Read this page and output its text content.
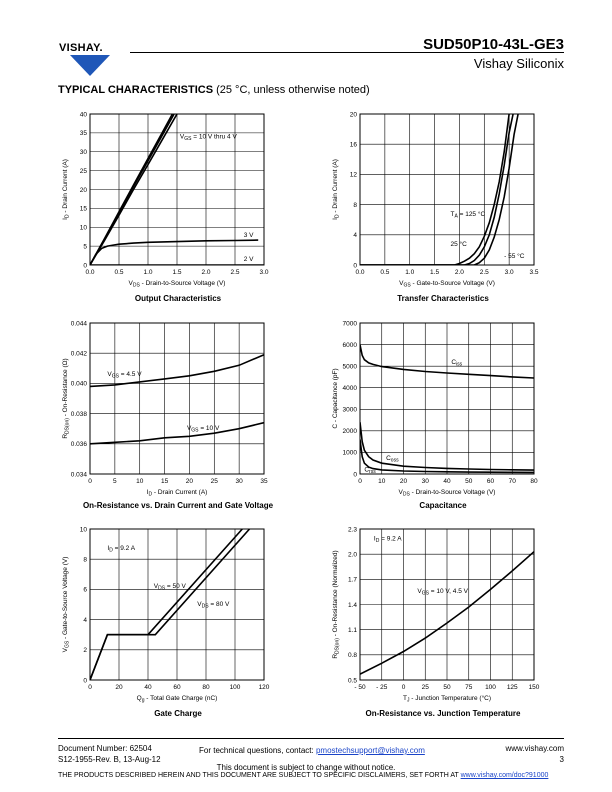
VISHAY.	SUD50P10-43L-GE3
Vishay Siliconix
TYPICAL CHARACTERISTICS (25 °C, unless otherwise noted)
0.0	0.5	1.0	1.5	2.0	2.5	3.0
0
5
10
15
20
25
30
35
40
$V_{GS} = 10$ V thru 4 V
3 V
2 V
$V_{DS}$ - Drain-to-Source Voltage (V)
$I_D$ - Drain Current (A)
Output Characteristics
0.0 0.5 1.0 1.5 2.0 2.5 3.0 3.5
0
4
8
12
16
20
$T_A = 125$ °C
25 °C
- 55 °C
$V_{GS}$ - Gate-to-Source Voltage (V)
$I_D$ - Drain Current (A)
Transfer Characteristics
0	5	10	15	20	25	30	35
0.034
0.036
0.038
0.040
0.042
0.044
$V_{GS} = 4.5$ V
$V_{GS} = 10$ V
$I_D$ - Drain Current (A)
$R_{DS(on)}$ - On-Resistance (Ω)
On-Resistance vs. Drain Current and Gate Voltage
0	10 20 30 40 50 60 70 80
0
1000
2000
3000
4000
5000
6000
7000
$C_{iss}$
$C_{oss}$
$C_{rss}$
$V_{DS}$ - Drain-to-Source Voltage (V)
C - Capacitance (pF)
Capacitance
0	20	40	60	80	100	120
0
2
4
6
8
10
$I_D = 9.2$ A
$V_{DS} = 50$ V
$V_{DS} = 80$ V
$Q_g$ - Total Gate Charge (nC)
$V_{GS}$ - Gate-to-Source Voltage (V)
Gate Charge
- 50 - 25 0	25 50 75 100 125 150
0.5
0.8
1.1
1.4
1.7
2.0
2.3
$I_D = 9.2$ A
$V_{GS} = 10$ V, 4.5 V
$T_J$ - Junction Temperature (°C)
$R_{DS(on)}$ - On-Resistance (Normalized)
On-Resistance vs. Junction Temperature
Document Number: 62504
S12-1955-Rev. B, 13-Aug-12
For technical questions, contact: pmostechsupport@vishay.com	www.vishay.com
3
This document is subject to change without notice.
THE PRODUCTS DESCRIBED HEREIN AND THIS DOCUMENT ARE SUBJECT TO SPECIFIC DISCLAIMERS, SET FORTH AT www.vishay.com/doc?91000
